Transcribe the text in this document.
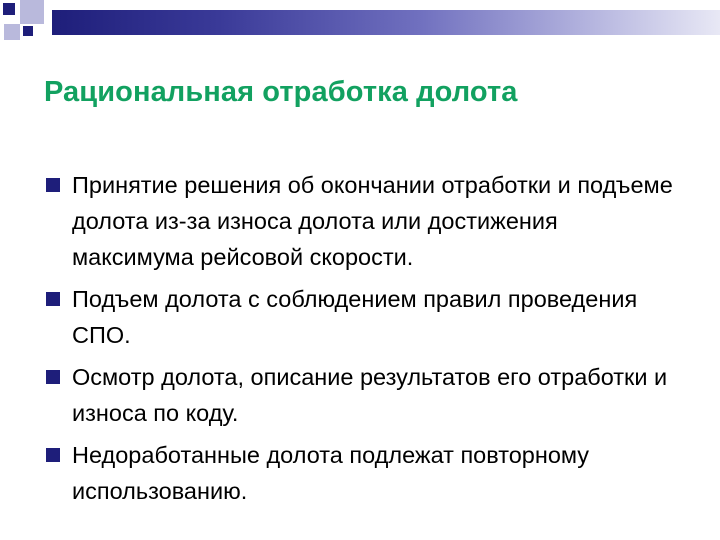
Рациональная отработка долота
Принятие решения об окончании отработки и подъеме долота из-за износа долота или достижения максимума рейсовой скорости.
Подъем долота с соблюдением правил проведения СПО.
Осмотр долота, описание результатов его отработки и износа по коду.
Недоработанные долота подлежат повторному использованию.
